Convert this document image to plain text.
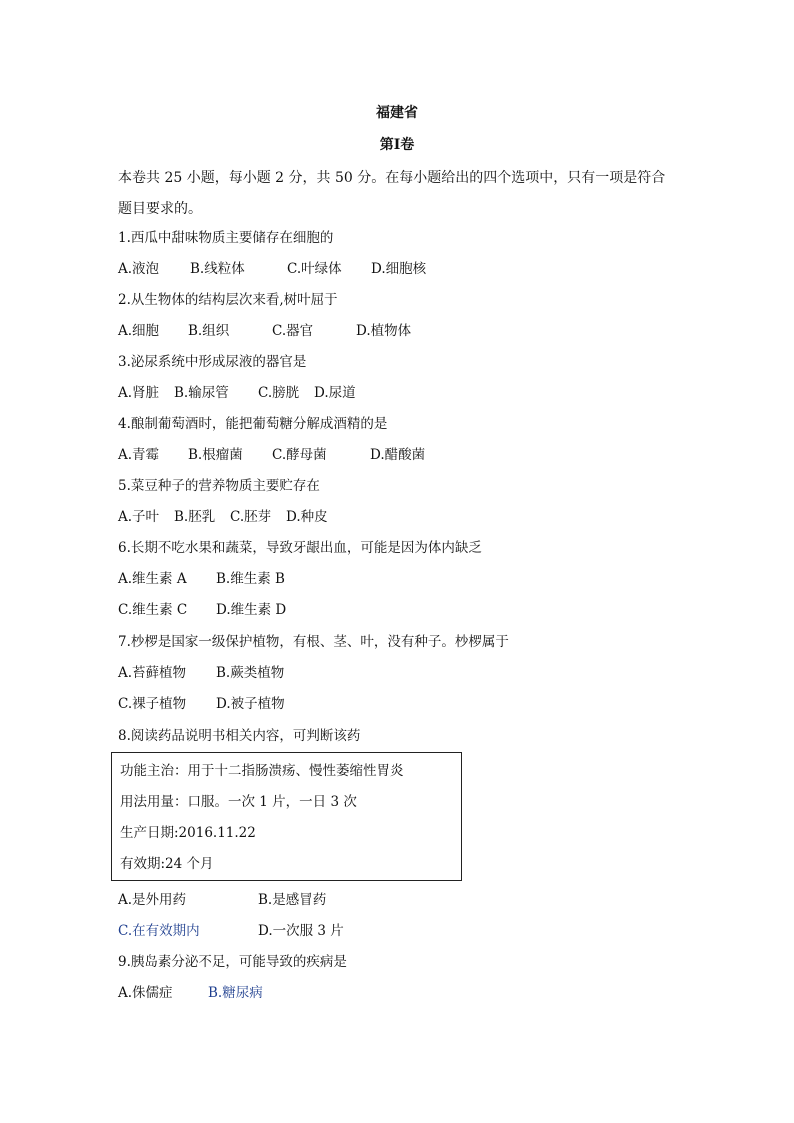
福建省
第Ⅰ卷
本卷共 25 小题，每小题 2 分，共 50 分。在每小题给出的四个选项中，只有一项是符合题目要求的。
1.西瓜中甜味物质主要储存在细胞的
A.液泡 B.线粒体	C.叶绿体 D.细胞核
2.从生物体的结构层次来看,树叶屈于
A.细胞 B.组织	C.器官	D.植物体
3.泌尿系统中形成尿液的器官是
A.肾脏 B.输尿管 C.膀胱 D.尿道
4.酿制葡萄酒时，能把葡萄糖分解成酒精的是
A.青霉 B.根瘤菌 C.酵母菌	D.醋酸菌
5.菜豆种子的营养物质主要贮存在
A.子叶 B.胚乳 C.胚芽 D.种皮
6.长期不吃水果和蔬菜，导致牙龈出血，可能是因为体内缺乏
A.维生素 A B.维生素 B
C.维生素 C D.维生素 D
7.杪椤是国家一级保护植物，有根、茎、叶，没有种子。杪椤属于
A.苔藓植物 B.蕨类植物
C.裸子植物 D.被子植物
8.阅读药品说明书相关内容，可判断该药
功能主治：用于十二指肠溃疡、慢性萎缩性胃炎
用法用量：口服。一次 1 片，一日 3 次
生产日期:2016.11.22
有效期:24 个月
A.是外用药	B.是感冒药
C.在有效期内	D.一次服 3 片
9.胰岛素分泌不足，可能导致的疾病是
A.侏儒症	B.糖尿病
